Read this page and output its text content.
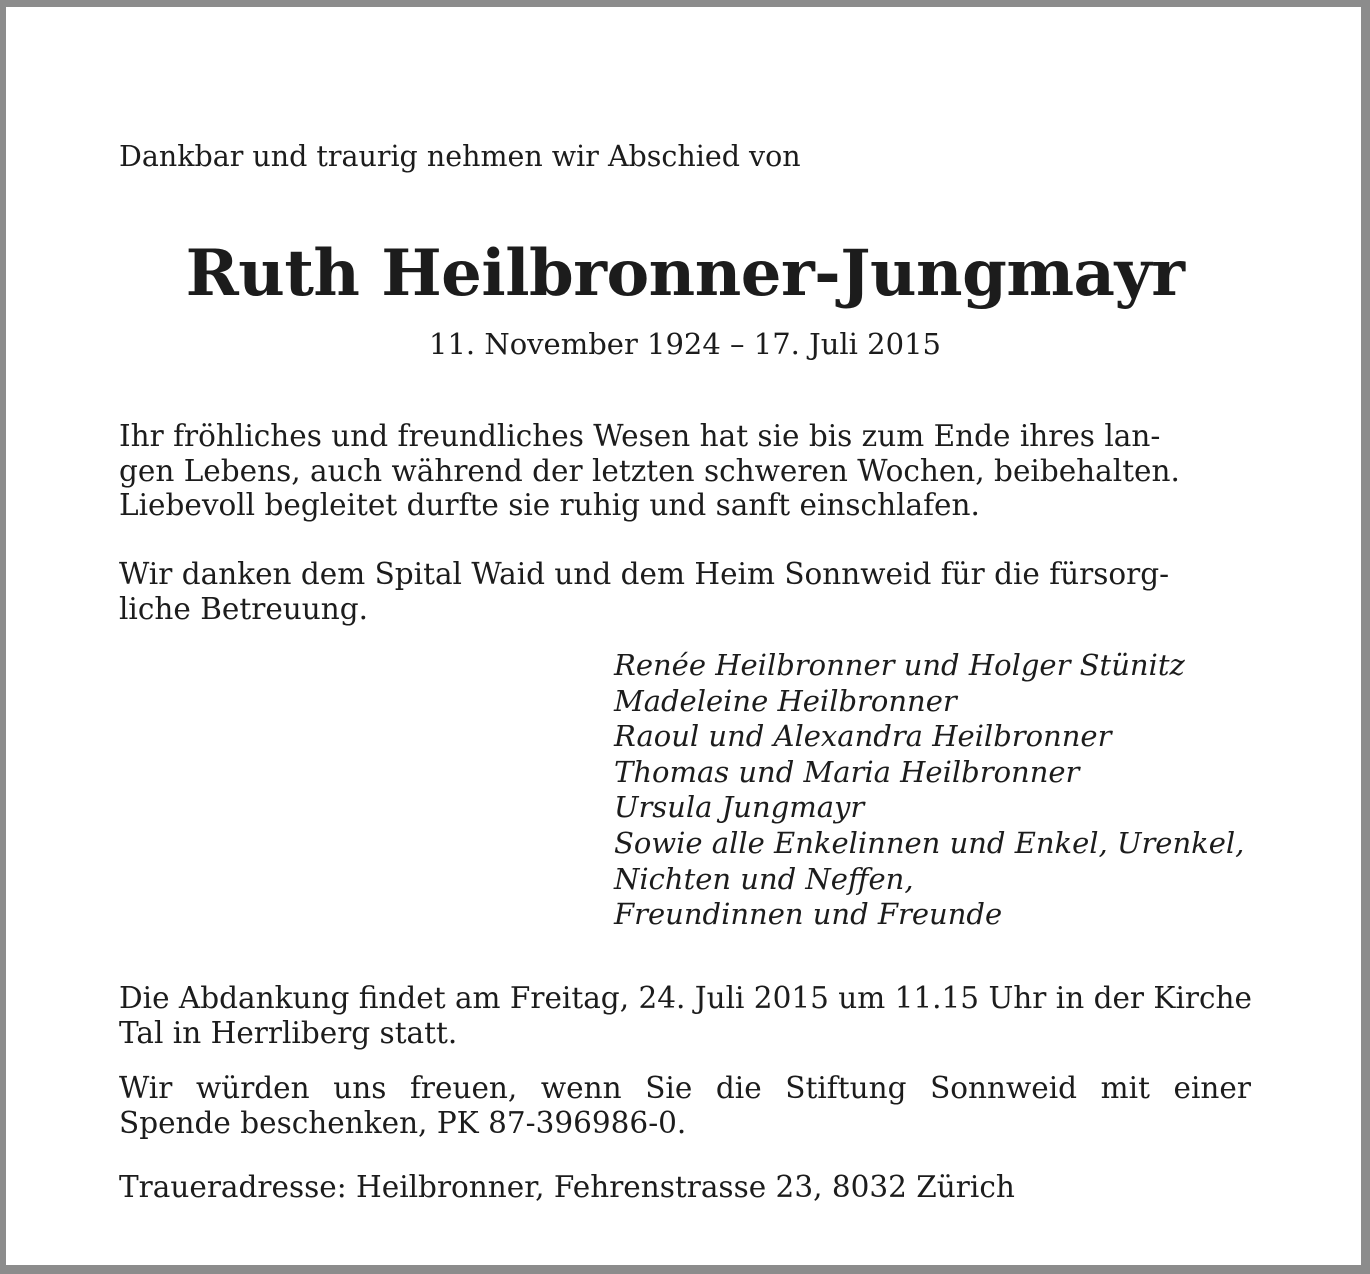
Dankbar und traurig nehmen wir Abschied von

Ruth Heilbronner-Jungmayr

11. November 1924 – 17. Juli 2015

Ihr fröhliches und freundliches Wesen hat sie bis zum Ende ihres lan-
gen Lebens, auch während der letzten schweren Wochen, beibehalten.
Liebevoll begleitet durfte sie ruhig und sanft einschlafen.

Wir danken dem Spital Waid und dem Heim Sonnweid für die fürsorg-
liche Betreuung.

Renée Heilbronner und Holger Stünitz
Madeleine Heilbronner
Raoul und Alexandra Heilbronner
Thomas und Maria Heilbronner
Ursula Jungmayr
Sowie alle Enkelinnen und Enkel, Urenkel,
Nichten und Neffen,
Freundinnen und Freunde

Die Abdankung findet am Freitag, 24. Juli 2015 um 11.15 Uhr in der Kirche
Tal in Herrliberg statt.

Wir würden uns freuen, wenn Sie die Stiftung Sonnweid mit einer
Spende beschenken, PK 87-396986-0.

Traueradresse: Heilbronner, Fehrenstrasse 23, 8032 Zürich
